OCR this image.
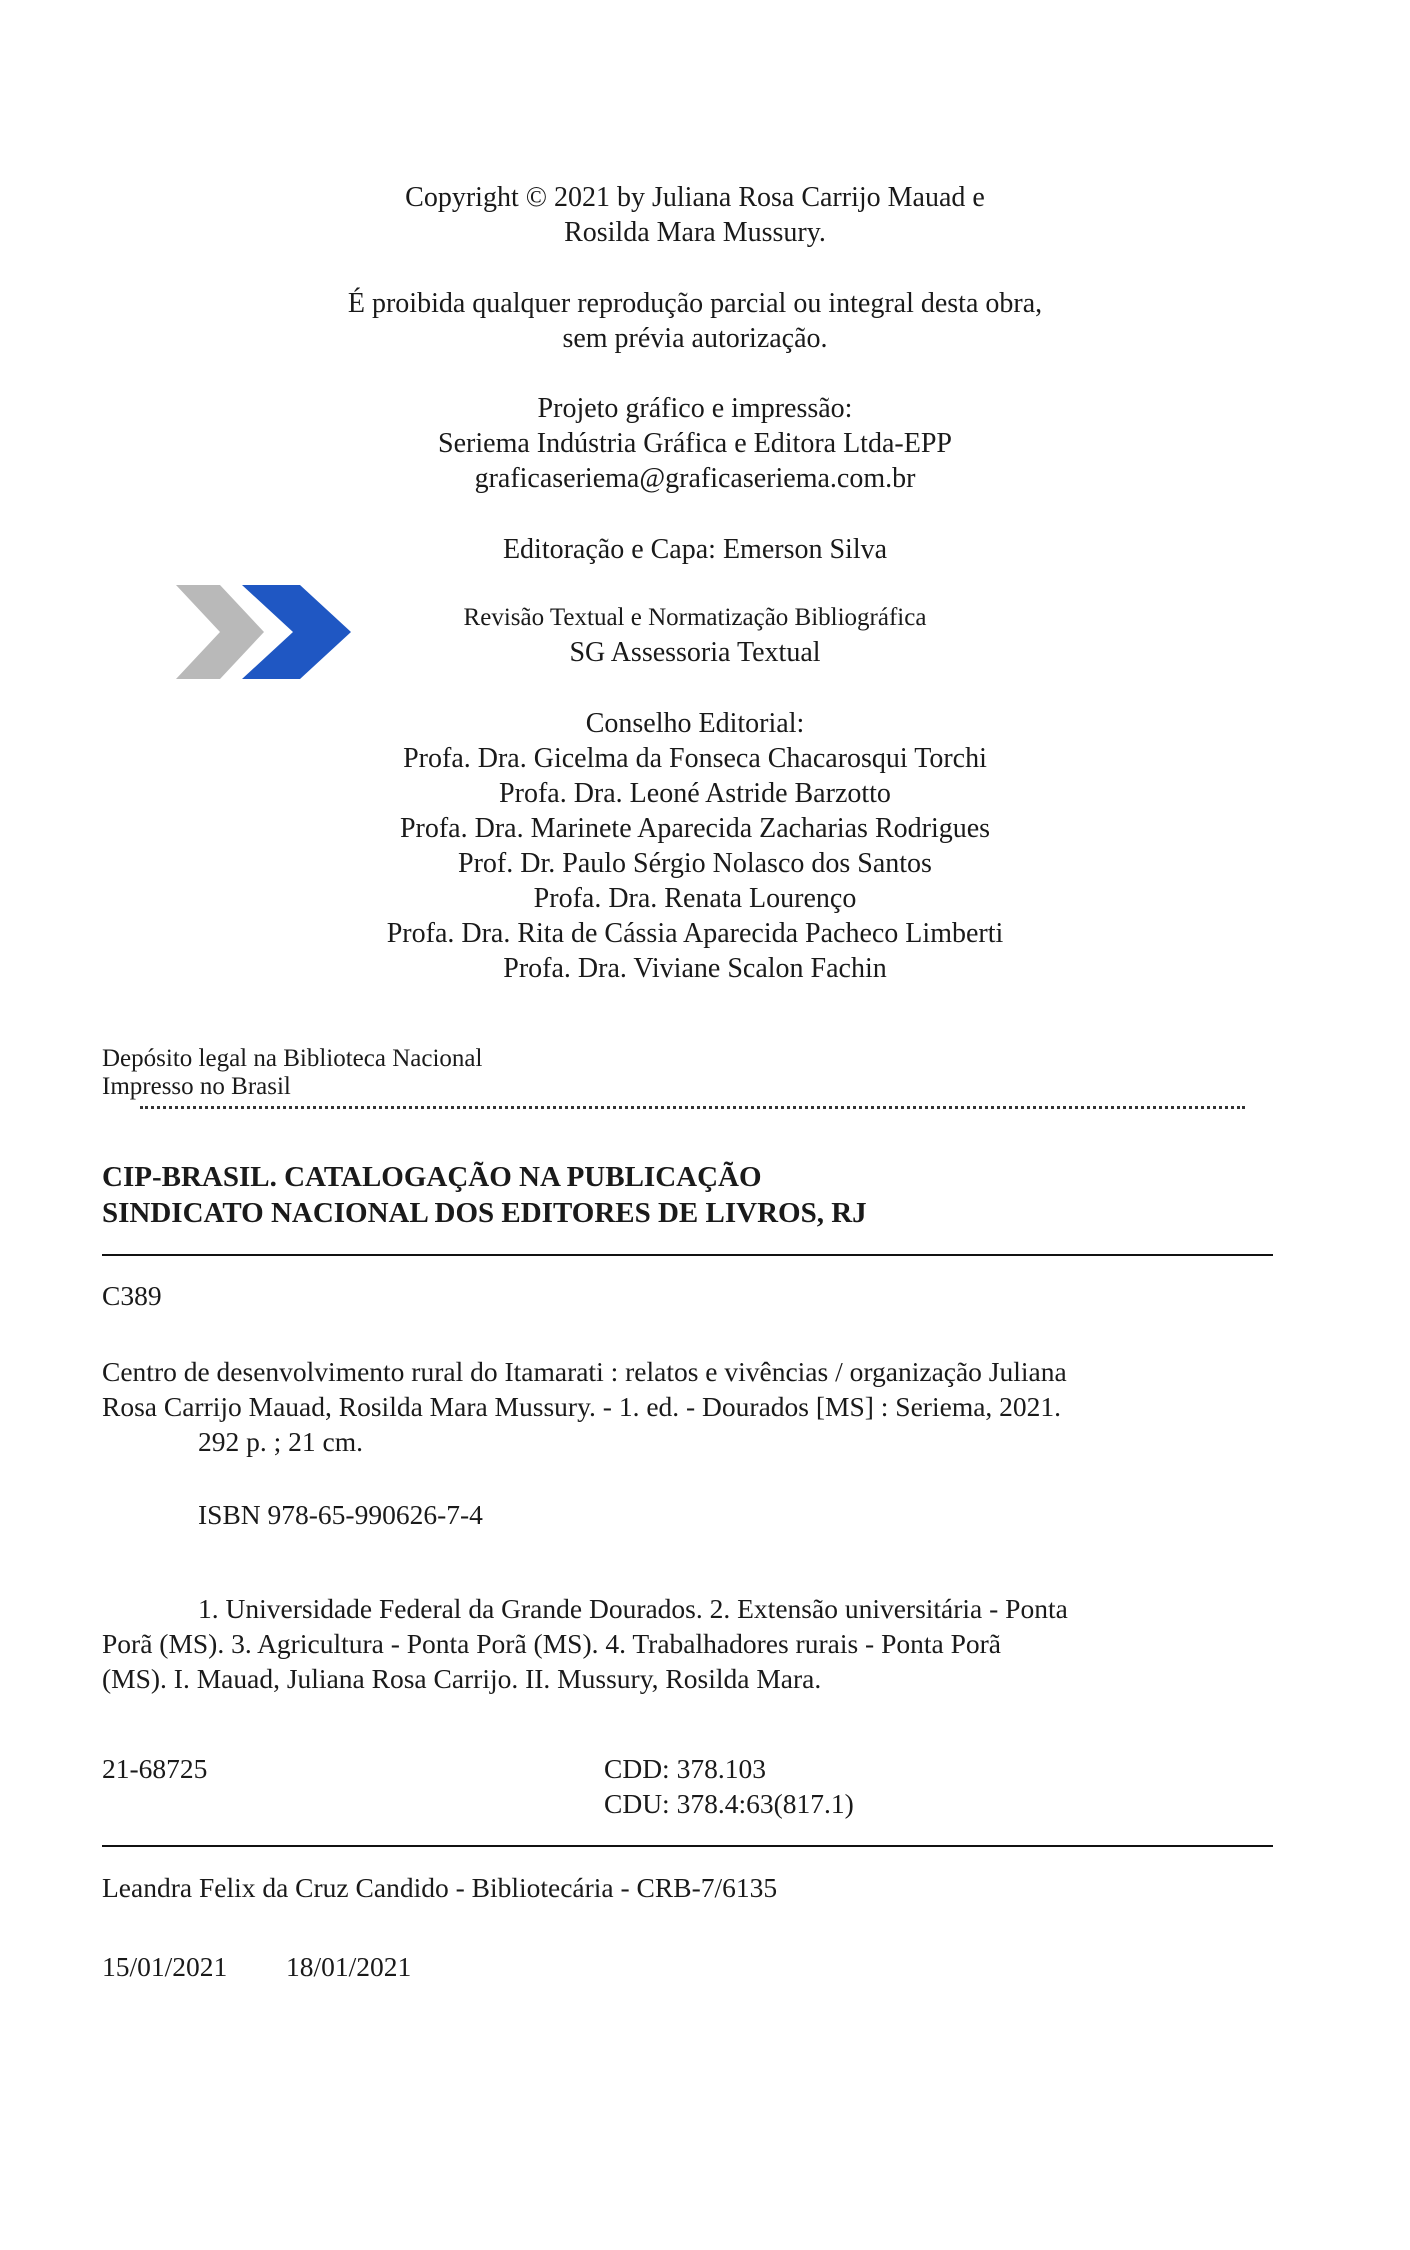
Copyright © 2021 by Juliana Rosa Carrijo Mauad e
Rosilda Mara Mussury.
É proibida qualquer reprodução parcial ou integral desta obra,
sem prévia autorização.
Projeto gráfico e impressão:
Seriema Indústria Gráfica e Editora Ltda-EPP
graficaseriema@graficaseriema.com.br
Editoração e Capa: Emerson Silva
Revisão Textual e Normatização Bibliográfica
SG Assessoria Textual
Conselho Editorial:
Profa. Dra. Gicelma da Fonseca Chacarosqui Torchi
Profa. Dra. Leoné Astride Barzotto
Profa. Dra. Marinete Aparecida Zacharias Rodrigues
Prof. Dr. Paulo Sérgio Nolasco dos Santos
Profa. Dra. Renata Lourenço
Profa. Dra. Rita de Cássia Aparecida Pacheco Limberti
Profa. Dra. Viviane Scalon Fachin
Depósito legal na Biblioteca Nacional
Impresso no Brasil
CIP-BRASIL. CATALOGAÇÃO NA PUBLICAÇÃO
SINDICATO NACIONAL DOS EDITORES DE LIVROS, RJ
C389
Centro de desenvolvimento rural do Itamarati : relatos e vivências / organização Juliana
Rosa Carrijo Mauad, Rosilda Mara Mussury. - 1. ed. - Dourados [MS] : Seriema, 2021.
292 p. ; 21 cm.
ISBN 978-65-990626-7-4
1. Universidade Federal da Grande Dourados. 2. Extensão universitária - Ponta
Porã (MS). 3. Agricultura - Ponta Porã (MS). 4. Trabalhadores rurais - Ponta Porã
(MS). I. Mauad, Juliana Rosa Carrijo. II. Mussury, Rosilda Mara.
21-68725	CDD: 378.103
CDU: 378.4:63(817.1)
Leandra Felix da Cruz Candido - Bibliotecária - CRB-7/6135
15/01/2021 18/01/2021
